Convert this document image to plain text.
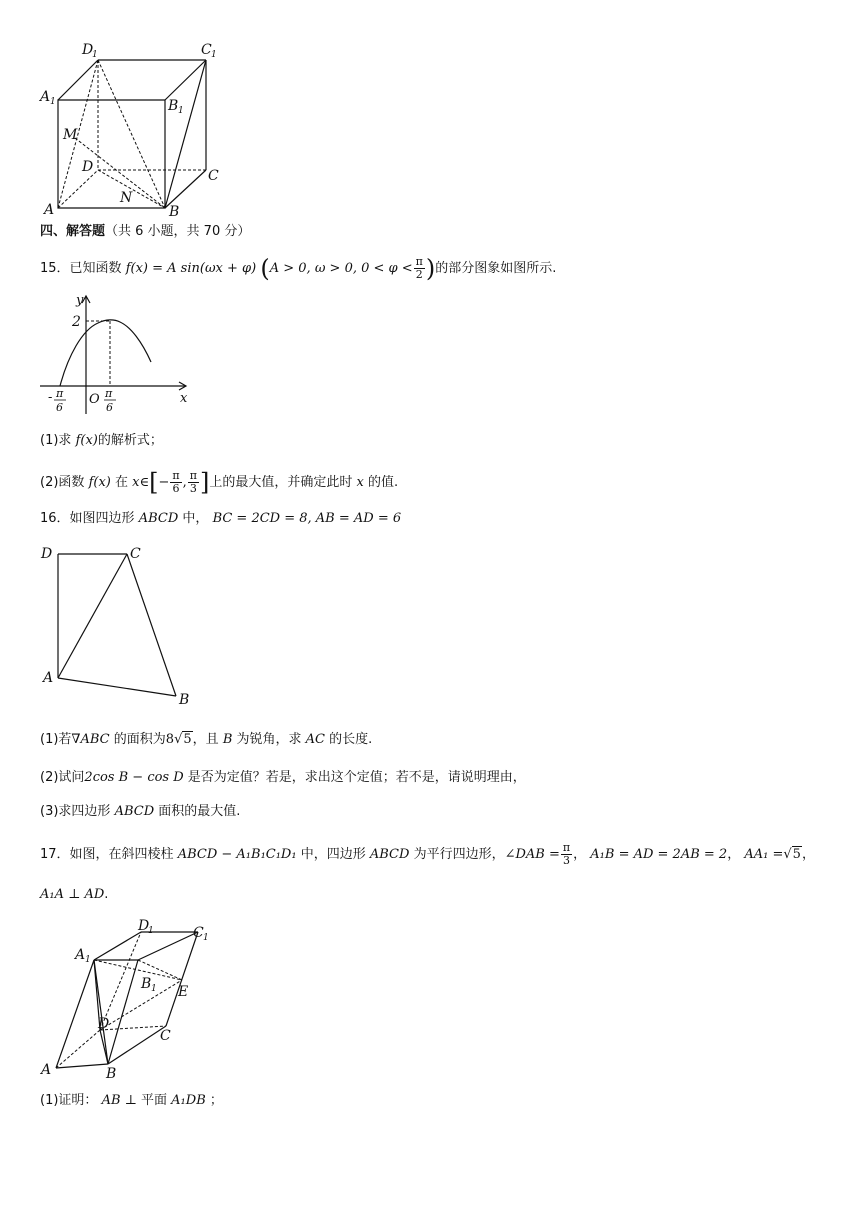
D
1	C 1
A 1	B 1
M
D
C
A
N
B
四、解答题（共 6 小题，共 70 分）
15．已知函数 f(x) = A sin(ωx + φ) (A > 0, ω > 0, $0 < \varphi < \frac{\pi}{2}$ )的部分图象如图所示.
y
2
x
O
- π
6
π
6
(1)求 f(x)的解析式；
(2)函数 f(x) 在 x∈[− $\frac{\pi}{6}$ , $\frac{\pi}{3}$ ]上的最大值，并确定此时 x 的值.
16．如图四边形 ABCD 中， BC = 2CD = 8, AB = AD = 6
D	C
A
B
(1)若∇ABC 的面积为8√5，且 B 为锐角，求 AC 的长度.
(2)试问2cos B − cos D 是否为定值？若是，求出这个定值；若不是，请说明理由，
(3)求四边形 ABCD 面积的最大值.
17．如图，在斜四棱柱 ABCD − A₁B₁C₁D₁ 中，四边形 ABCD 为平行四边形，∠DAB = $\frac{\pi}{3}$ ， A₁B = AD = 2AB = 2， AA₁ =√5，
A₁A ⊥ AD.
D
1	C 1
A 1
B 1 E
D
C
A	B
(1)证明： AB ⊥ 平面 A₁DB ；
